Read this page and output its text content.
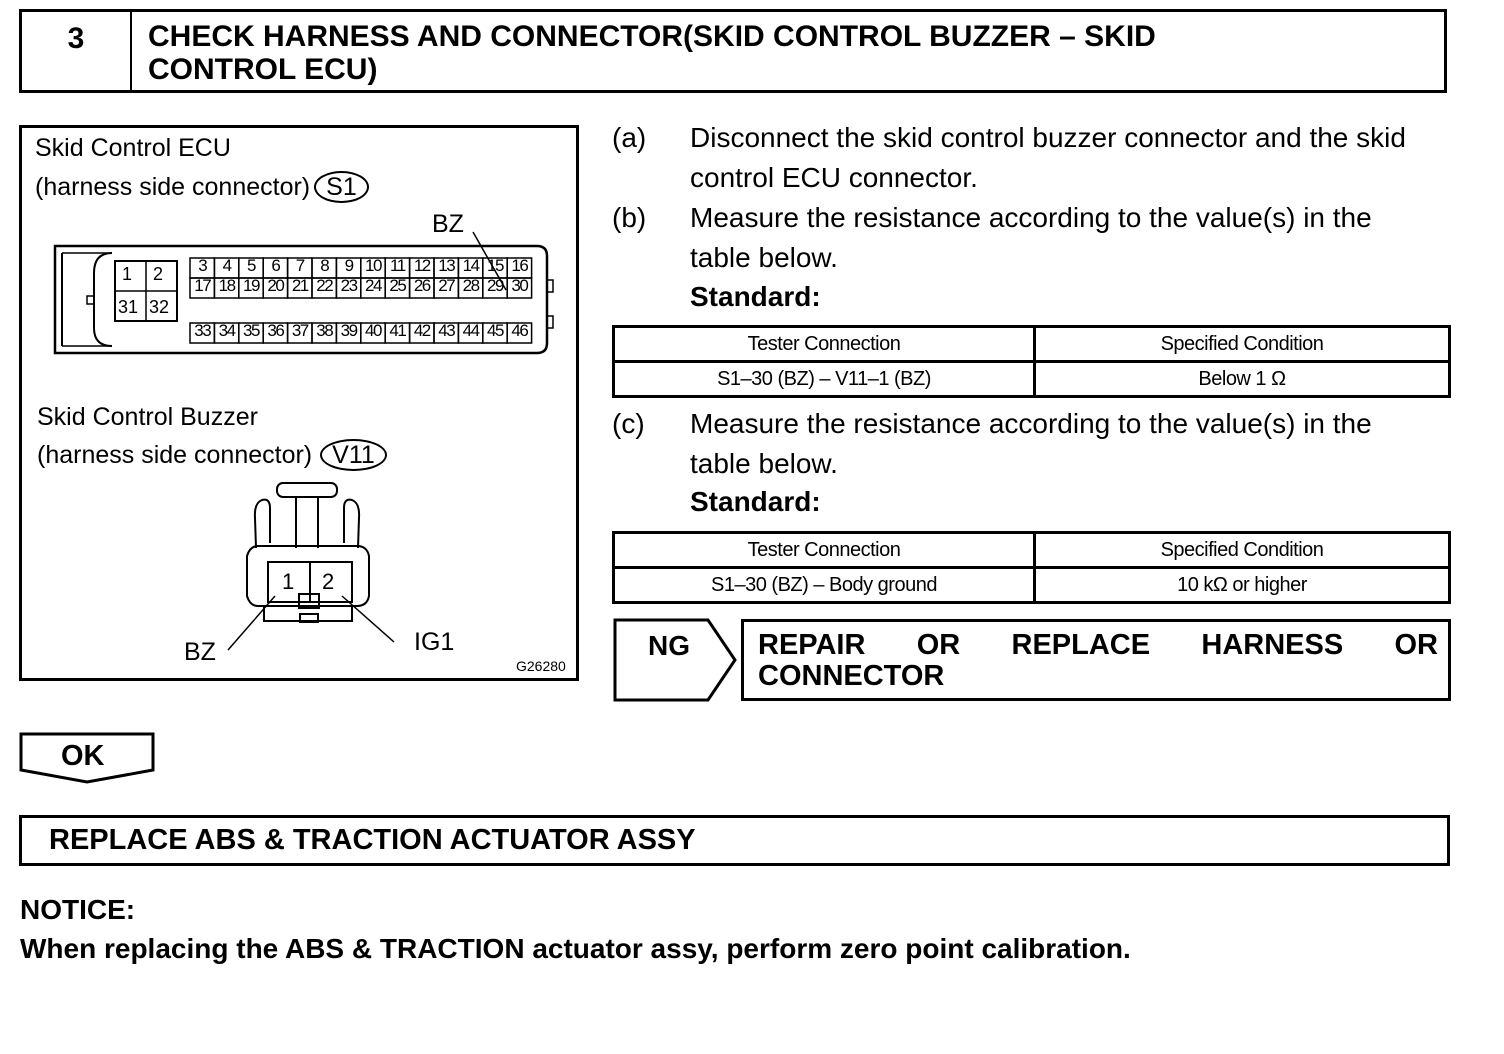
3	CHECK HARNESS AND CONNECTOR(SKID CONTROL BUZZER – SKID
CONTROL ECU)
Skid Control ECU
(harness side connector) S1
BZ
1 2
31 32
3 4 5 6 7 8 9 10 11 12 13 14 15 16
17 18 19 20 21 22 23 24 25 26 27 28 29 30
33 34 35 36 37 38 39 40 41 42 43 44 45 46
Skid Control Buzzer
(harness side connector) V11
1 2
BZ	IG1
G26280
(a) Disconnect the skid control buzzer connector and the skid
control ECU connector.
(b) Measure the resistance according to the value(s) in the
table below.
Standard:
Tester Connection	Specified Condition
S1–30 (BZ) – V11–1 (BZ)	Below 1 Ω
(c) Measure the resistance according to the value(s) in the
table below.
Standard:
Tester Connection	Specified Condition
S1–30 (BZ) – Body ground	10 kΩ or higher
NG REPAIR OR REPLACE HARNESS OR
CONNECTOR
OK
REPLACE ABS & TRACTION ACTUATOR ASSY
NOTICE:
When replacing the ABS & TRACTION actuator assy, perform zero point calibration.
